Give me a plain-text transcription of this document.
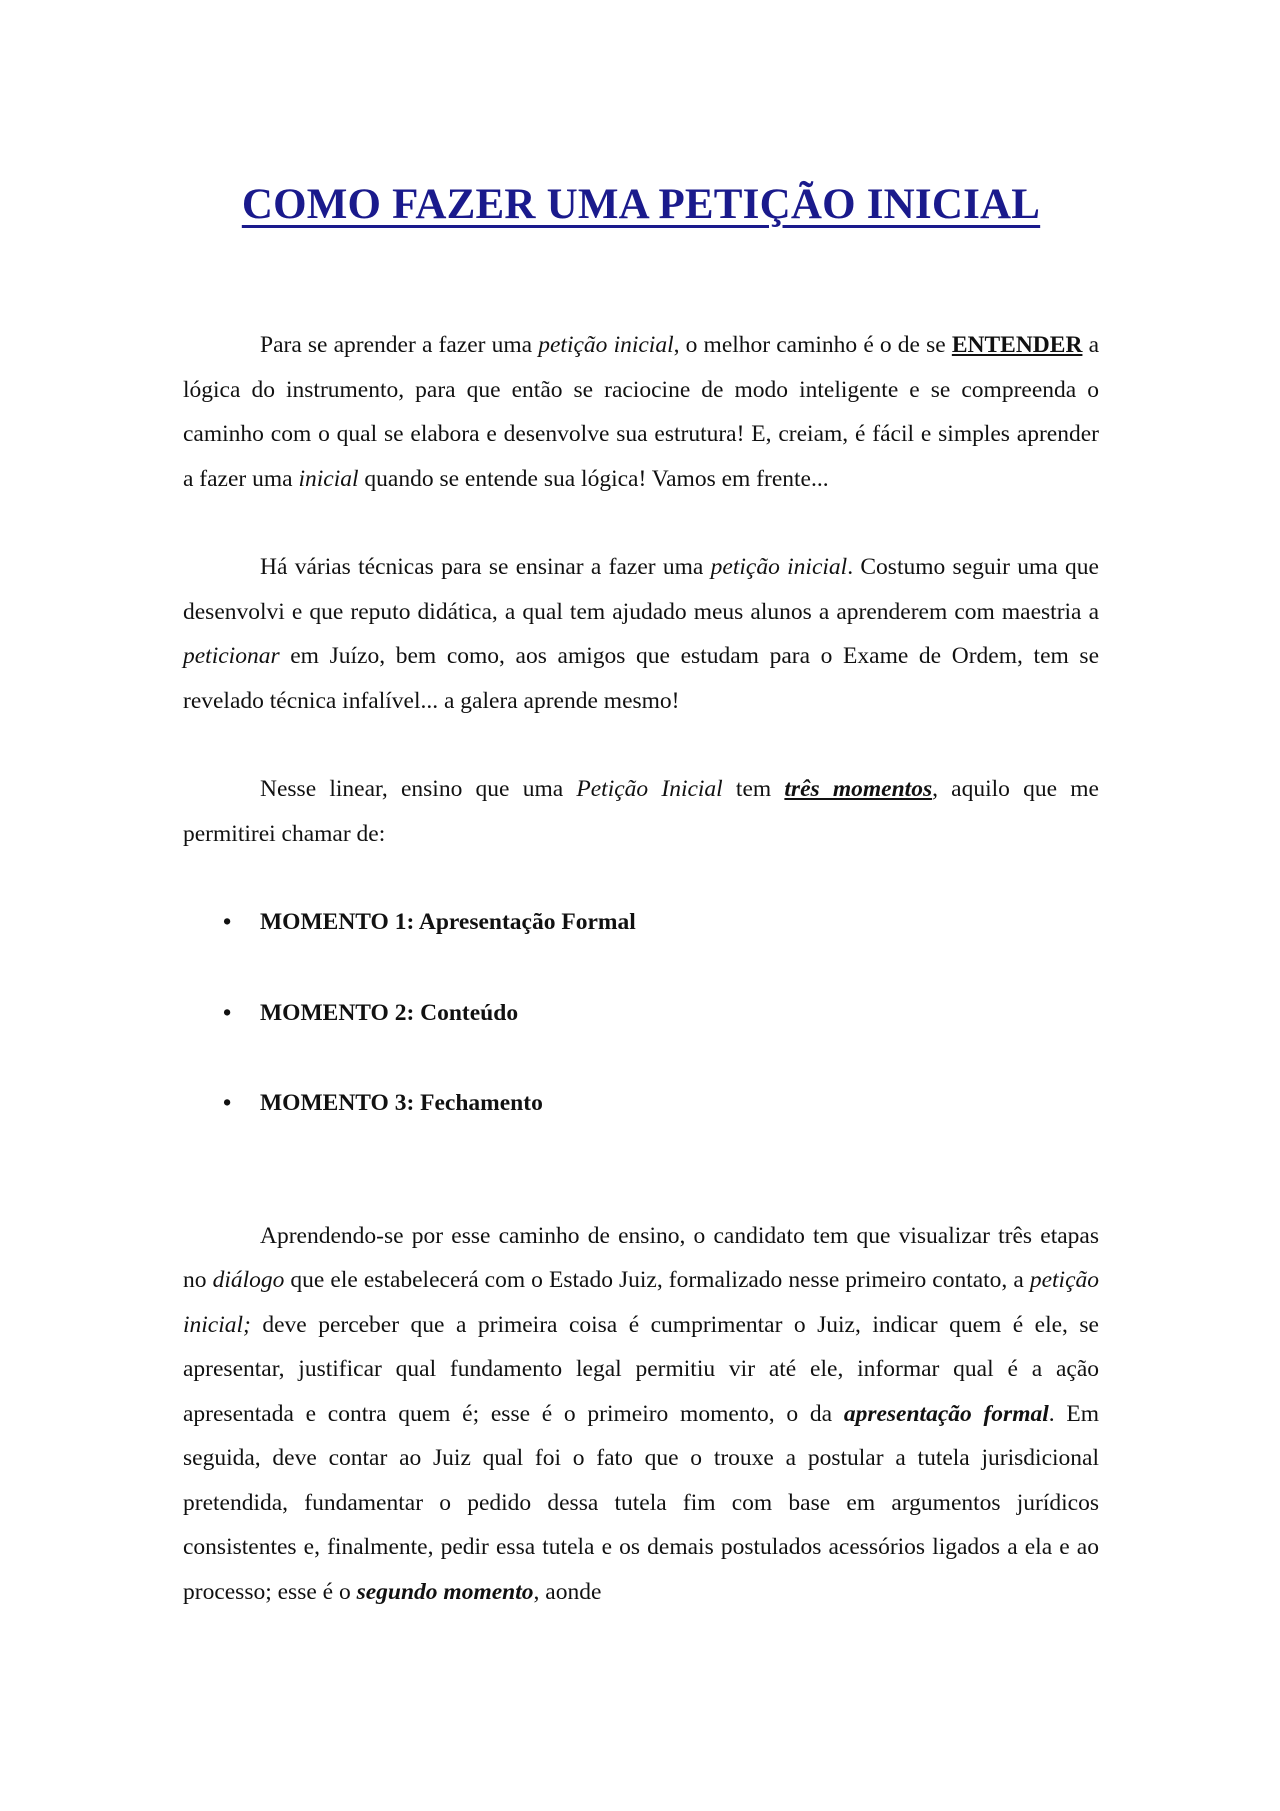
COMO FAZER UMA PETIÇÃO INICIAL

Para se aprender a fazer uma petição inicial, o melhor caminho é o de se ENTENDER a lógica do instrumento, para que então se raciocine de modo inteligente e se compreenda o caminho com o qual se elabora e desenvolve sua estrutura! E, creiam, é fácil e simples aprender a fazer uma inicial quando se entende sua lógica! Vamos em frente...

Há várias técnicas para se ensinar a fazer uma petição inicial. Costumo seguir uma que desenvolvi e que reputo didática, a qual tem ajudado meus alunos a aprenderem com maestria a peticionar em Juízo, bem como, aos amigos que estudam para o Exame de Ordem, tem se revelado técnica infalível... a galera aprende mesmo!

Nesse linear, ensino que uma Petição Inicial tem três momentos, aquilo que me permitirei chamar de:

• MOMENTO 1: Apresentação Formal
• MOMENTO 2: Conteúdo
• MOMENTO 3: Fechamento

Aprendendo-se por esse caminho de ensino, o candidato tem que visualizar três etapas no diálogo que ele estabelecerá com o Estado Juiz, formalizado nesse primeiro contato, a petição inicial; deve perceber que a primeira coisa é cumprimentar o Juiz, indicar quem é ele, se apresentar, justificar qual fundamento legal permitiu vir até ele, informar qual é a ação apresentada e contra quem é; esse é o primeiro momento, o da apresentação formal. Em seguida, deve contar ao Juiz qual foi o fato que o trouxe a postular a tutela jurisdicional pretendida, fundamentar o pedido dessa tutela fim com base em argumentos jurídicos consistentes e, finalmente, pedir essa tutela e os demais postulados acessórios ligados a ela e ao processo; esse é o segundo momento, aonde
